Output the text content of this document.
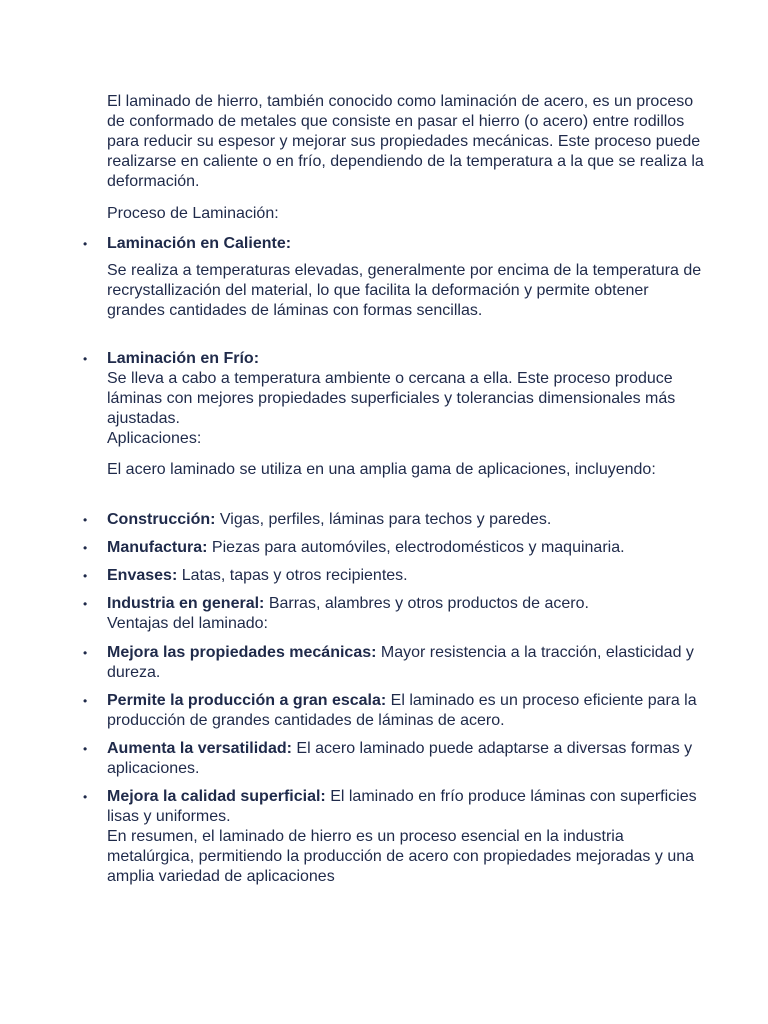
El laminado de hierro, también conocido como laminación de acero, es un proceso de conformado de metales que consiste en pasar el hierro (o acero) entre rodillos para reducir su espesor y mejorar sus propiedades mecánicas. Este proceso puede realizarse en caliente o en frío, dependiendo de la temperatura a la que se realiza la deformación.

Proceso de Laminación:

• Laminación en Caliente:

Se realiza a temperaturas elevadas, generalmente por encima de la temperatura de recrystallización del material, lo que facilita la deformación y permite obtener grandes cantidades de láminas con formas sencillas.

• Laminación en Frío:
Se lleva a cabo a temperatura ambiente o cercana a ella. Este proceso produce láminas con mejores propiedades superficiales y tolerancias dimensionales más ajustadas.
Aplicaciones:

El acero laminado se utiliza en una amplia gama de aplicaciones, incluyendo:

• Construcción: Vigas, perfiles, láminas para techos y paredes.
• Manufactura: Piezas para automóviles, electrodomésticos y maquinaria.
• Envases: Latas, tapas y otros recipientes.
• Industria en general: Barras, alambres y otros productos de acero.
Ventajas del laminado:
• Mejora las propiedades mecánicas: Mayor resistencia a la tracción, elasticidad y dureza.
• Permite la producción a gran escala: El laminado es un proceso eficiente para la producción de grandes cantidades de láminas de acero.
• Aumenta la versatilidad: El acero laminado puede adaptarse a diversas formas y aplicaciones.
• Mejora la calidad superficial: El laminado en frío produce láminas con superficies lisas y uniformes.
En resumen, el laminado de hierro es un proceso esencial en la industria metalúrgica, permitiendo la producción de acero con propiedades mejoradas y una amplia variedad de aplicaciones
